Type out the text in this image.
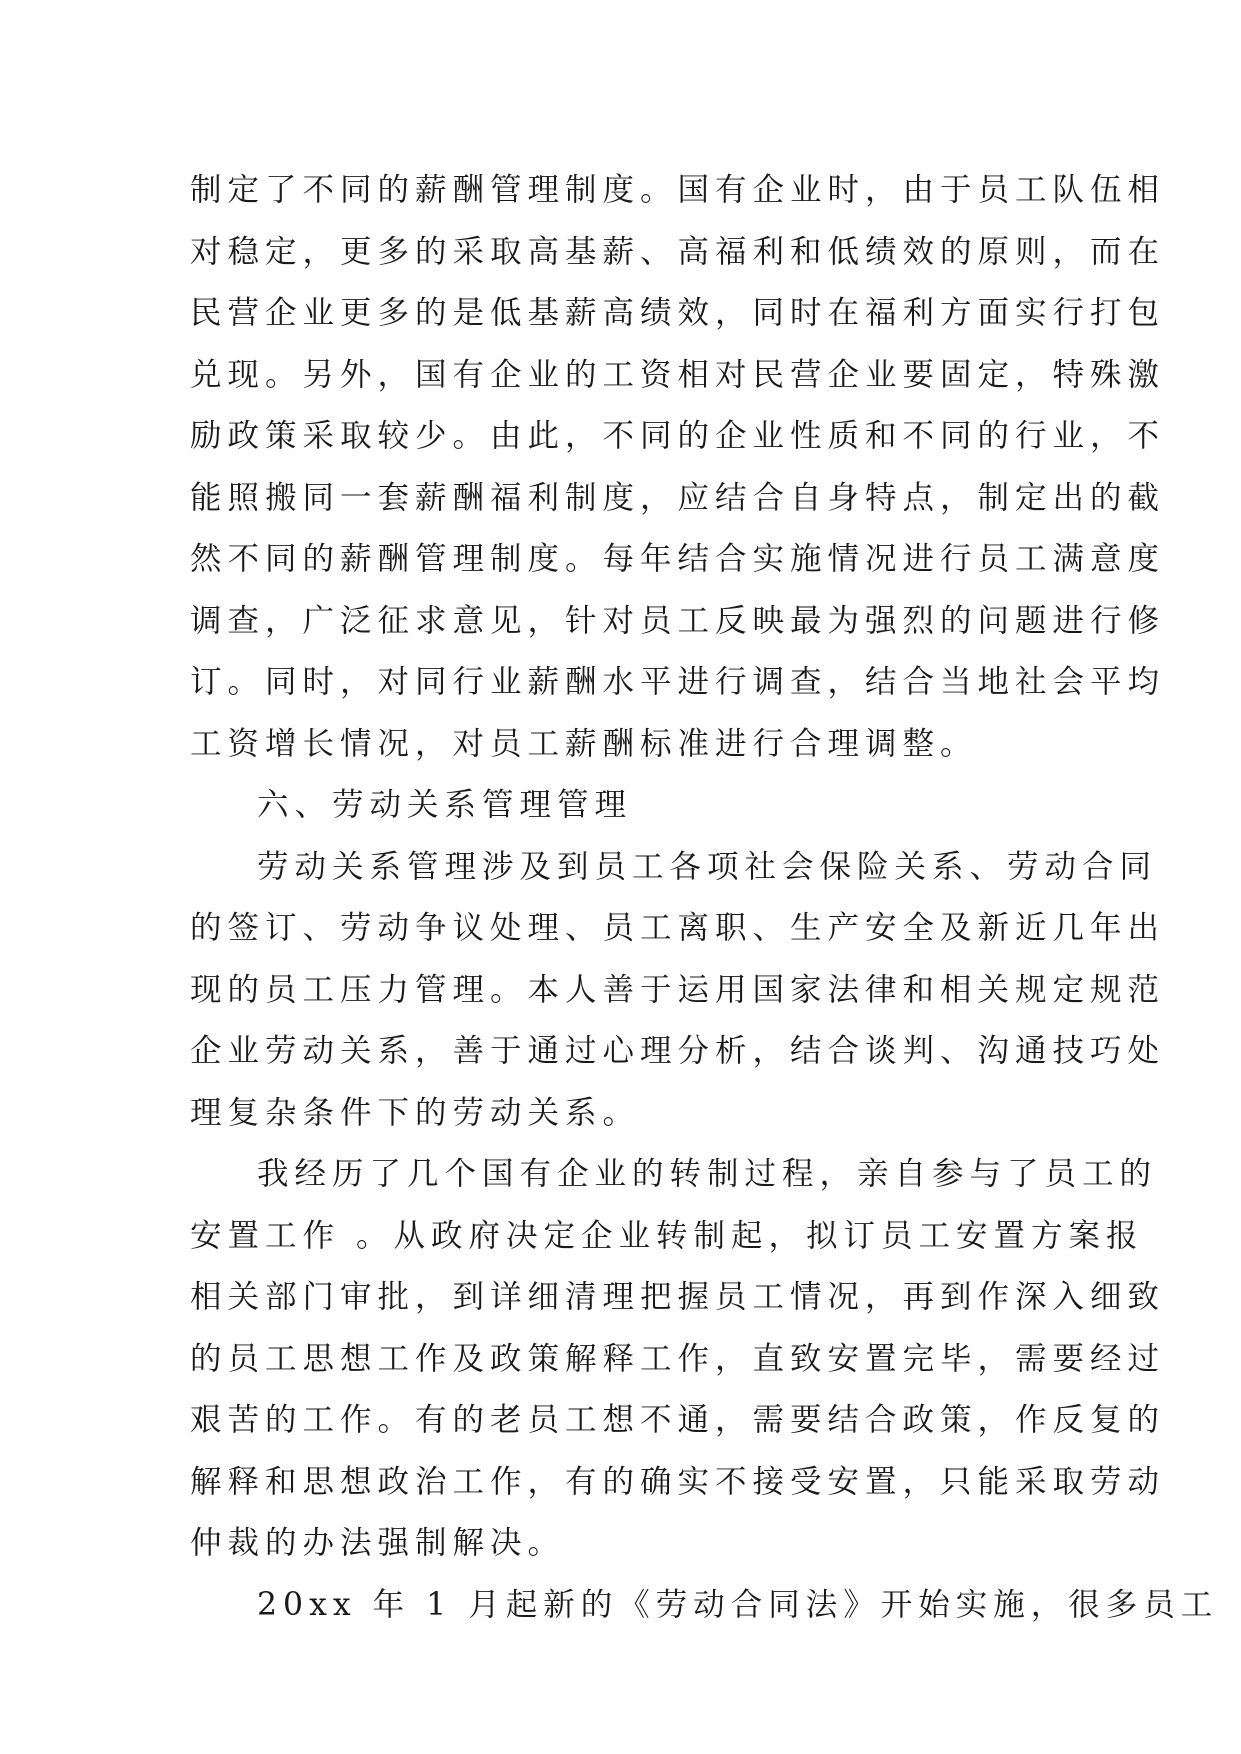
制定了不同的薪酬管理制度。国有企业时，由于员工队伍相
对稳定，更多的采取高基薪、高福利和低绩效的原则，而在
民营企业更多的是低基薪高绩效，同时在福利方面实行打包
兑现。另外，国有企业的工资相对民营企业要固定，特殊激
励政策采取较少。由此，不同的企业性质和不同的行业，不
能照搬同一套薪酬福利制度，应结合自身特点，制定出的截
然不同的薪酬管理制度。每年结合实施情况进行员工满意度
调查，广泛征求意见，针对员工反映最为强烈的问题进行修
订。同时，对同行业薪酬水平进行调查，结合当地社会平均
工资增长情况，对员工薪酬标准进行合理调整。
六、劳动关系管理管理
劳动关系管理涉及到员工各项社会保险关系、劳动合同
的签订、劳动争议处理、员工离职、生产安全及新近几年出
现的员工压力管理。本人善于运用国家法律和相关规定规范
企业劳动关系，善于通过心理分析，结合谈判、沟通技巧处
理复杂条件下的劳动关系。
我经历了几个国有企业的转制过程，亲自参与了员工的
安置工作 。从政府决定企业转制起，拟订员工安置方案报
相关部门审批，到详细清理把握员工情况，再到作深入细致
的员工思想工作及政策解释工作，直致安置完毕，需要经过
艰苦的工作。有的老员工想不通，需要结合政策，作反复的
解释和思想政治工作，有的确实不接受安置，只能采取劳动
仲裁的办法强制解决。
20xx 年 1 月起新的《劳动合同法》开始实施，很多员工
